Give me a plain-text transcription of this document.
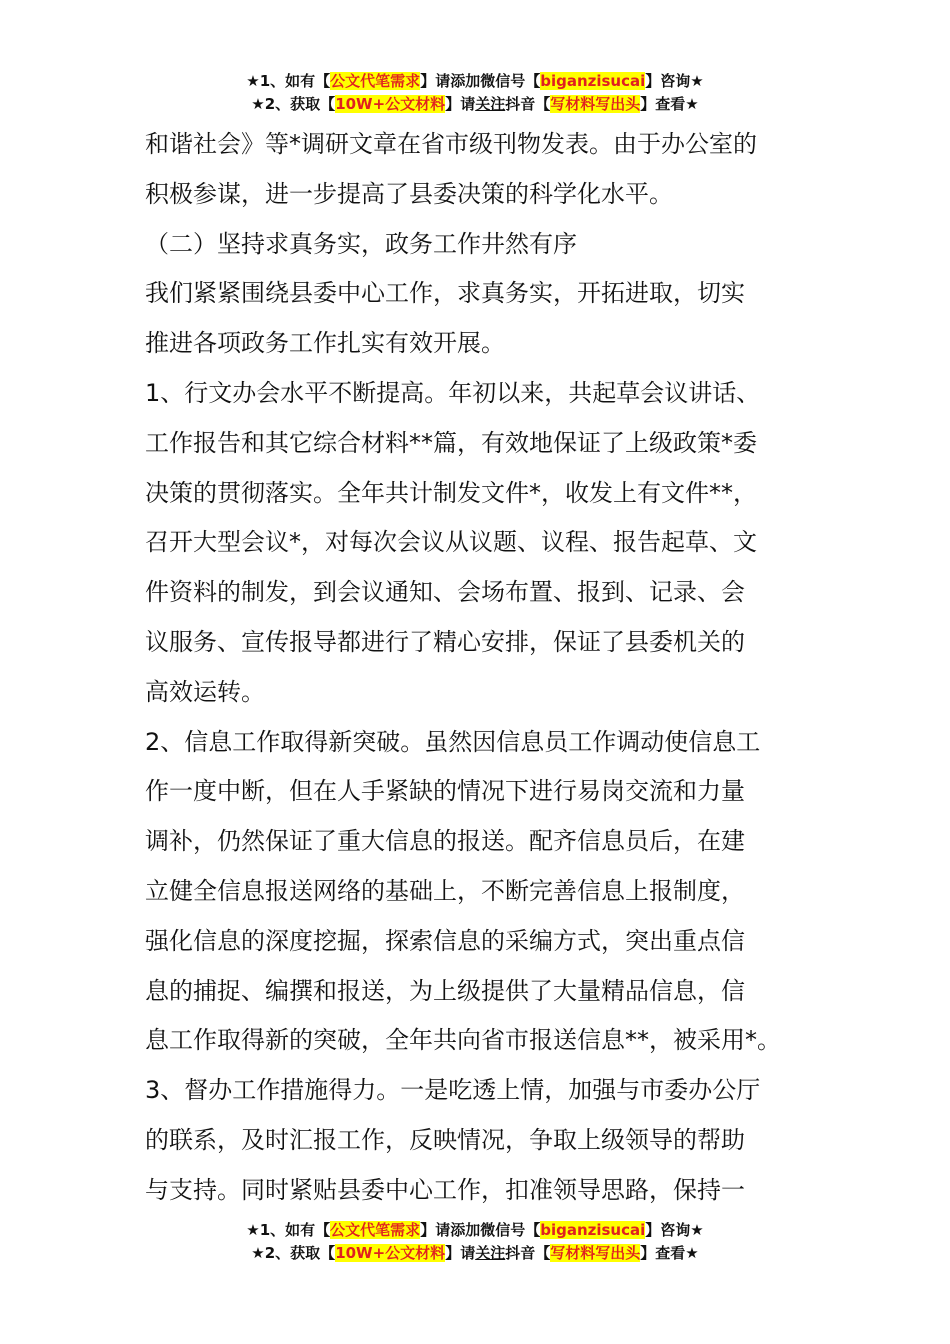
★1、如有【公文代笔需求】请添加微信号【biganzisucai】咨询★
★2、获取【10W+公文材料】请关注抖音【写材料写出头】查看★
和谐社会》等*调研文章在省市级刊物发表。由于办公室的
积极参谋，进一步提高了县委决策的科学化水平。
（二）坚持求真务实，政务工作井然有序
我们紧紧围绕县委中心工作，求真务实，开拓进取，切实
推进各项政务工作扎实有效开展。
1、行文办会水平不断提高。年初以来，共起草会议讲话、
工作报告和其它综合材料**篇，有效地保证了上级政策*委
决策的贯彻落实。全年共计制发文件*，收发上有文件**，
召开大型会议*，对每次会议从议题、议程、报告起草、文
件资料的制发，到会议通知、会场布置、报到、记录、会
议服务、宣传报导都进行了精心安排，保证了县委机关的
高效运转。
2、信息工作取得新突破。虽然因信息员工作调动使信息工
作一度中断，但在人手紧缺的情况下进行易岗交流和力量
调补，仍然保证了重大信息的报送。配齐信息员后，在建
立健全信息报送网络的基础上，不断完善信息上报制度，
强化信息的深度挖掘，探索信息的采编方式，突出重点信
息的捕捉、编撰和报送，为上级提供了大量精品信息，信
息工作取得新的突破，全年共向省市报送信息**，被采用*。
3、督办工作措施得力。一是吃透上情，加强与市委办公厅
的联系，及时汇报工作，反映情况，争取上级领导的帮助
与支持。同时紧贴县委中心工作，扣准领导思路，保持一
★1、如有【公文代笔需求】请添加微信号【biganzisucai】咨询★
★2、获取【10W+公文材料】请关注抖音【写材料写出头】查看★
